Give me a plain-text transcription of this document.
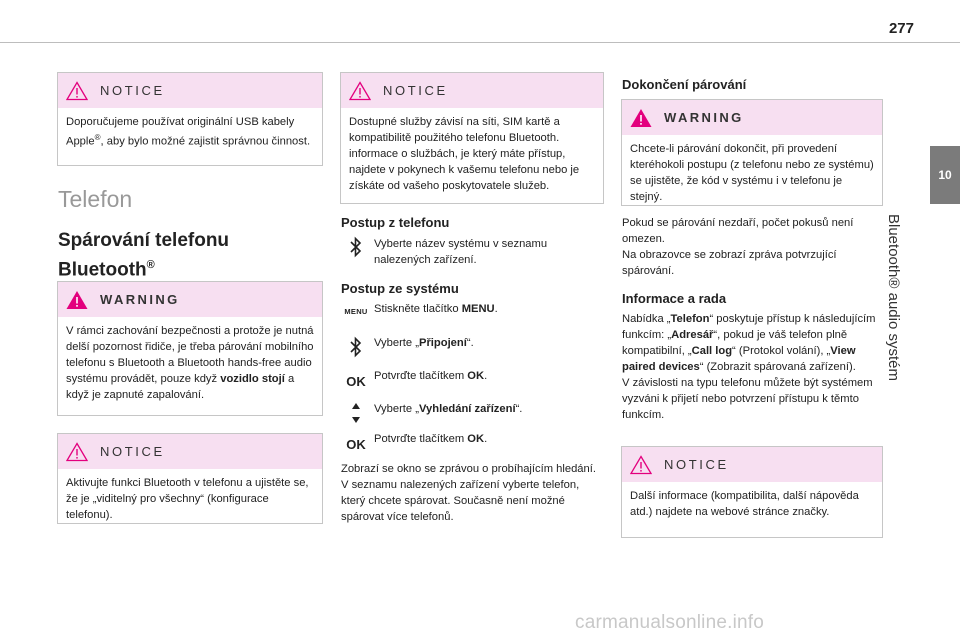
277
10
Bluetooth® audio systém
NOTICE
Doporučujeme používat originální USB kabely Apple®, aby bylo možné zajistit správnou činnost.
Telefon
Spárování telefonu
Bluetooth®
WARNING
V rámci zachování bezpečnosti a protože je nutná delší pozornost řidiče, je třeba párování mobilního telefonu s Bluetooth a Bluetooth hands-free audio systému provádět, pouze když vozidlo stojí a když je zapnuté zapalování.
NOTICE
Aktivujte funkci Bluetooth v telefonu a ujistěte se, že je „viditelný pro všechny“ (konfigurace telefonu).
NOTICE
Dostupné služby závisí na síti, SIM kartě a kompatibilitě použitého telefonu Bluetooth. informace o službách, je který máte přístup, najdete v pokynech k vašemu telefonu nebo je získáte od vašeho poskytovatele služeb.
Postup z telefonu
Vyberte název systému v seznamu nalezených zařízení.
Postup ze systému
MENU Stiskněte tlačítko MENU.
Vyberte „Připojení“.
OK Potvrďte tlačítkem OK.
Vyberte „Vyhledání zařízení“.
OK Potvrďte tlačítkem OK.
Zobrazí se okno se zprávou o probíhajícím hledání.
V seznamu nalezených zařízení vyberte telefon, který chcete spárovat. Současně není možné spárovat více telefonů.
Dokončení párování
WARNING
Chcete-li párování dokončit, při provedení kteréhokoli postupu (z telefonu nebo ze systému) se ujistěte, že kód v systému i v telefonu je stejný.
Pokud se párování nezdaří, počet pokusů není omezen.
Na obrazovce se zobrazí zpráva potvrzující spárování.
Informace a rada
Nabídka „Telefon“ poskytuje přístup k následujícím funkcím: „Adresář“, pokud je váš telefon plně kompatibilní, „Call log“ (Protokol volání), „View paired devices“ (Zobrazit spárovaná zařízení).
V závislosti na typu telefonu můžete být systémem vyzváni k přijetí nebo potvrzení přístupu k těmto funkcím.
NOTICE
Další informace (kompatibilita, další nápověda atd.) najdete na webové stránce značky.
carmanualsonline.info
